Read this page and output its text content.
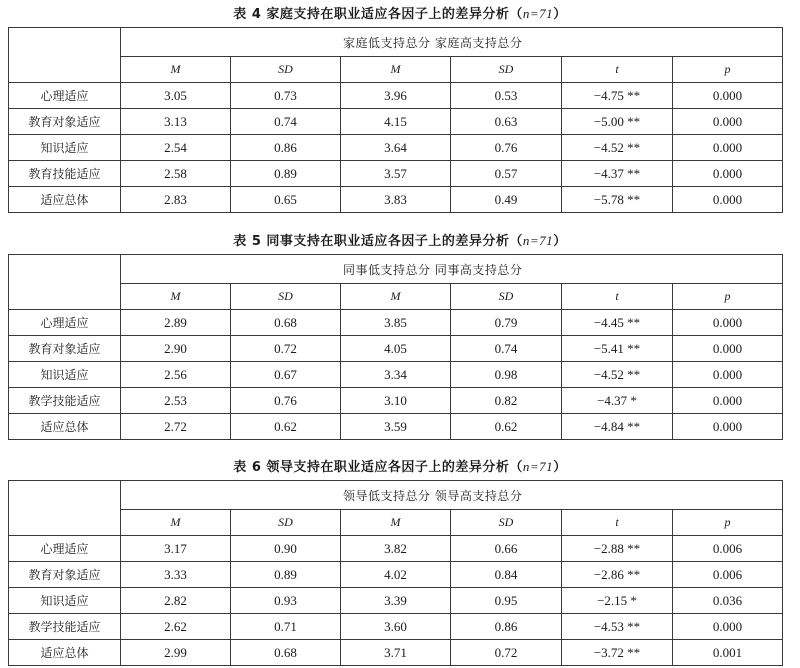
表 4 家庭支持在职业适应各因子上的差异分析（n=71）
	家庭低支持总分 家庭高支持总分					
	M	SD	M	SD	t	p
心理适应	3.05	0.73	3.96	0.53	−4.75 **	0.000
教育对象适应	3.13	0.74	4.15	0.63	−5.00 **	0.000
知识适应	2.54	0.86	3.64	0.76	−4.52 **	0.000
教育技能适应	2.58	0.89	3.57	0.57	−4.37 **	0.000
适应总体	2.83	0.65	3.83	0.49	−5.78 **	0.000
表 5 同事支持在职业适应各因子上的差异分析（n=71）
	同事低支持总分 同事高支持总分					
	M	SD	M	SD	t	p
心理适应	2.89	0.68	3.85	0.79	−4.45 **	0.000
教育对象适应	2.90	0.72	4.05	0.74	−5.41 **	0.000
知识适应	2.56	0.67	3.34	0.98	−4.52 **	0.000
教学技能适应	2.53	0.76	3.10	0.82	−4.37 *	0.000
适应总体	2.72	0.62	3.59	0.62	−4.84 **	0.000
表 6 领导支持在职业适应各因子上的差异分析（n=71）
	领导低支持总分 领导高支持总分					
	M	SD	M	SD	t	p
心理适应	3.17	0.90	3.82	0.66	−2.88 **	0.006
教育对象适应	3.33	0.89	4.02	0.84	−2.86 **	0.006
知识适应	2.82	0.93	3.39	0.95	−2.15 *	0.036
教学技能适应	2.62	0.71	3.60	0.86	−4.53 **	0.000
适应总体	2.99	0.68	3.71	0.72	−3.72 **	0.001
